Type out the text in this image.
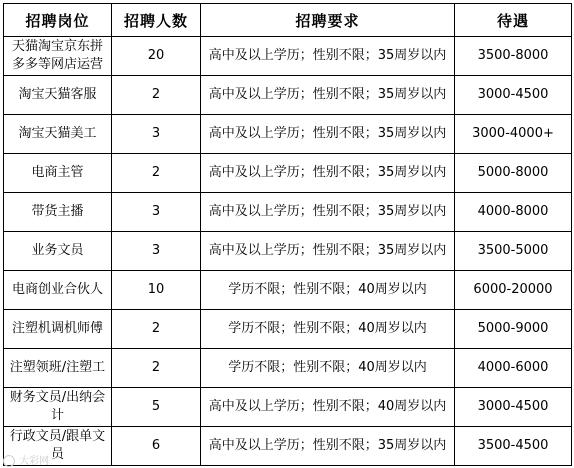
招聘岗位	招聘人数	招聘要求	待遇
天猫淘宝京东拼多多等网店运营	20	高中及以上学历；性别不限；35周岁以内	3500-8000
淘宝天猫客服	2	高中及以上学历；性别不限；35周岁以内	3000-4500
淘宝天猫美工	3	高中及以上学历；性别不限；35周岁以内	3000-4000+
电商主管	2	高中及以上学历；性别不限；35周岁以内	5000-8000
带货主播	3	高中及以上学历；性别不限；35周岁以内	4000-8000
业务文员	3	高中及以上学历；性别不限；35周岁以内	3500-5000
电商创业合伙人	10	学历不限；性别不限；40周岁以内	6000-20000
注塑机调机师傅	2	学历不限；性别不限；40周岁以内	5000-9000
注塑领班/注塑工	2	学历不限；性别不限；40周岁以内	4000-6000
财务文员/出纳会计	5	高中及以上学历；性别不限；40周岁以内	3000-4500
行政文员/跟单文员	6	高中及以上学历；性别不限；35周岁以内	3500-4500
大彩网
